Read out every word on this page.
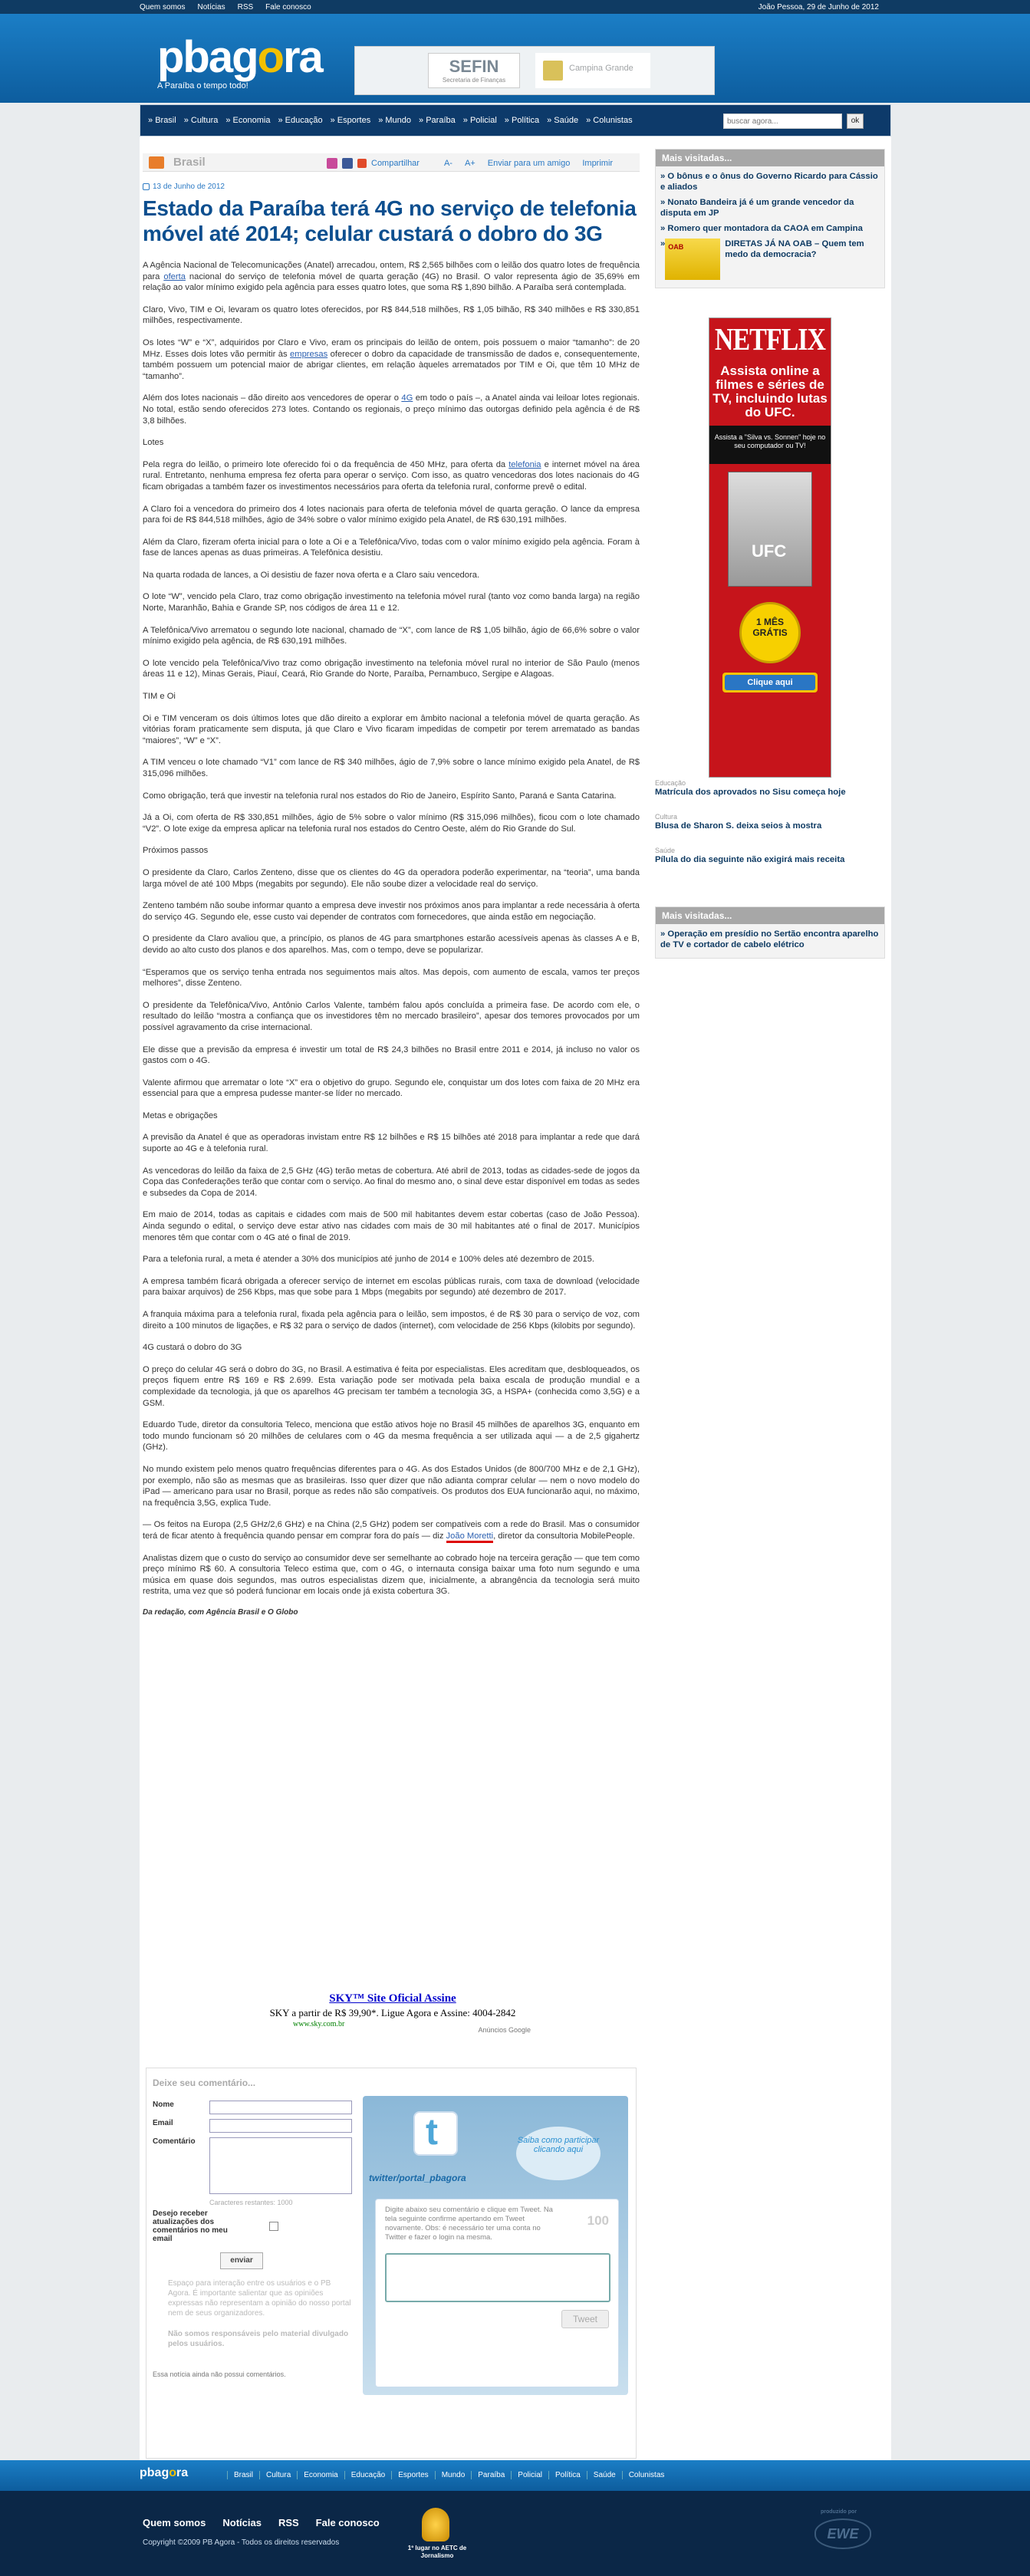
Quem somos Notícias RSS Fale conosco	João Pessoa, 29 de Junho de 2012
pbagora
A Paraíba o tempo todo!
SEFIN
Secretaria de Finanças
Campina Grande
» Brasil	» Cultura	» Economia	» Educação	» Esportes	» Mundo	» Paraíba	» Policial	» Política	» Saúde	» Colunistas
buscar agora...	ok
Brasil	Compartilhar	A- A+ Enviar para um amigo Imprimir
13 de Junho de 2012
Estado da Paraíba terá 4G no serviço de telefonia móvel até 2014; celular custará o dobro do 3G

A Agência Nacional de Telecomunicações (Anatel) arrecadou, ontem, R$ 2,565 bilhões com o leilão dos quatro lotes de frequência para oferta nacional do serviço de telefonia móvel de quarta geração (4G) no Brasil. O valor representa ágio de 35,69% em relação ao valor mínimo exigido pela agência para esses quatro lotes, que soma R$ 1,890 bilhão. A Paraíba será contemplada.

Claro, Vivo, TIM e Oi, levaram os quatro lotes oferecidos, por R$ 844,518 milhões, R$ 1,05 bilhão, R$ 340 milhões e R$ 330,851 milhões, respectivamente.

Os lotes “W” e “X”, adquiridos por Claro e Vivo, eram os principais do leilão de ontem, pois possuem o maior “tamanho”: de 20 MHz. Esses dois lotes vão permitir às empresas oferecer o dobro da capacidade de transmissão de dados e, consequentemente, também possuem um potencial maior de abrigar clientes, em relação àqueles arrematados por TIM e Oi, que têm 10 MHz de “tamanho”.

Além dos lotes nacionais – dão direito aos vencedores de operar o 4G em todo o país –, a Anatel ainda vai leiloar lotes regionais. No total, estão sendo oferecidos 273 lotes. Contando os regionais, o preço mínimo das outorgas definido pela agência é de R$ 3,8 bilhões.

Lotes

Pela regra do leilão, o primeiro lote oferecido foi o da frequência de 450 MHz, para oferta da telefonia e internet móvel na área rural. Entretanto, nenhuma empresa fez oferta para operar o serviço. Com isso, as quatro vencedoras dos lotes nacionais do 4G ficam obrigadas a também fazer os investimentos necessários para oferta da telefonia rural, conforme prevê o edital.

A Claro foi a vencedora do primeiro dos 4 lotes nacionais para oferta de telefonia móvel de quarta geração. O lance da empresa para foi de R$ 844,518 milhões, ágio de 34% sobre o valor mínimo exigido pela Anatel, de R$ 630,191 milhões.

Além da Claro, fizeram oferta inicial para o lote a Oi e a Telefônica/Vivo, todas com o valor mínimo exigido pela agência. Foram à fase de lances apenas as duas primeiras. A Telefônica desistiu.

Na quarta rodada de lances, a Oi desistiu de fazer nova oferta e a Claro saiu vencedora.

O lote “W”, vencido pela Claro, traz como obrigação investimento na telefonia móvel rural (tanto voz como banda larga) na região Norte, Maranhão, Bahia e Grande SP, nos códigos de área 11 e 12.

A Telefônica/Vivo arrematou o segundo lote nacional, chamado de “X”, com lance de R$ 1,05 bilhão, ágio de 66,6% sobre o valor mínimo exigido pela agência, de R$ 630,191 milhões.

O lote vencido pela Telefônica/Vivo traz como obrigação investimento na telefonia móvel rural no interior de São Paulo (menos áreas 11 e 12), Minas Gerais, Piauí, Ceará, Rio Grande do Norte, Paraíba, Pernambuco, Sergipe e Alagoas.

TIM e Oi

Oi e TIM venceram os dois últimos lotes que dão direito a explorar em âmbito nacional a telefonia móvel de quarta geração. As vitórias foram praticamente sem disputa, já que Claro e Vivo ficaram impedidas de competir por terem arrematado as bandas “maiores”, “W” e “X”.

A TIM venceu o lote chamado “V1” com lance de R$ 340 milhões, ágio de 7,9% sobre o lance mínimo exigido pela Anatel, de R$ 315,096 milhões.

Como obrigação, terá que investir na telefonia rural nos estados do Rio de Janeiro, Espírito Santo, Paraná e Santa Catarina.

Já a Oi, com oferta de R$ 330,851 milhões, ágio de 5% sobre o valor mínimo (R$ 315,096 milhões), ficou com o lote chamado “V2”. O lote exige da empresa aplicar na telefonia rural nos estados do Centro Oeste, além do Rio Grande do Sul.

Próximos passos

O presidente da Claro, Carlos Zenteno, disse que os clientes do 4G da operadora poderão experimentar, na “teoria”, uma banda larga móvel de até 100 Mbps (megabits por segundo). Ele não soube dizer a velocidade real do serviço.

Zenteno também não soube informar quanto a empresa deve investir nos próximos anos para implantar a rede necessária à oferta do serviço 4G. Segundo ele, esse custo vai depender de contratos com fornecedores, que ainda estão em negociação.

O presidente da Claro avaliou que, a princípio, os planos de 4G para smartphones estarão acessíveis apenas às classes A e B, devido ao alto custo dos planos e dos aparelhos. Mas, com o tempo, deve se popularizar.

“Esperamos que os serviço tenha entrada nos seguimentos mais altos. Mas depois, com aumento de escala, vamos ter preços melhores”, disse Zenteno.

O presidente da Telefônica/Vivo, Antônio Carlos Valente, também falou após concluída a primeira fase. De acordo com ele, o resultado do leilão “mostra a confiança que os investidores têm no mercado brasileiro”, apesar dos temores provocados por um possível agravamento da crise internacional.

Ele disse que a previsão da empresa é investir um total de R$ 24,3 bilhões no Brasil entre 2011 e 2014, já incluso no valor os gastos com o 4G.

Valente afirmou que arrematar o lote “X” era o objetivo do grupo. Segundo ele, conquistar um dos lotes com faixa de 20 MHz era essencial para que a empresa pudesse manter-se líder no mercado.

Metas e obrigações

A previsão da Anatel é que as operadoras invistam entre R$ 12 bilhões e R$ 15 bilhões até 2018 para implantar a rede que dará suporte ao 4G e à telefonia rural.

As vencedoras do leilão da faixa de 2,5 GHz (4G) terão metas de cobertura. Até abril de 2013, todas as cidades-sede de jogos da Copa das Confederações terão que contar com o serviço. Ao final do mesmo ano, o sinal deve estar disponível em todas as sedes e subsedes da Copa de 2014.

Em maio de 2014, todas as capitais e cidades com mais de 500 mil habitantes devem estar cobertas (caso de João Pessoa). Ainda segundo o edital, o serviço deve estar ativo nas cidades com mais de 30 mil habitantes até o final de 2017. Municípios menores têm que contar com o 4G até o final de 2019.

Para a telefonia rural, a meta é atender a 30% dos municípios até junho de 2014 e 100% deles até dezembro de 2015.

A empresa também ficará obrigada a oferecer serviço de internet em escolas públicas rurais, com taxa de download (velocidade para baixar arquivos) de 256 Kbps, mas que sobe para 1 Mbps (megabits por segundo) até dezembro de 2017.

A franquia máxima para a telefonia rural, fixada pela agência para o leilão, sem impostos, é de R$ 30 para o serviço de voz, com direito a 100 minutos de ligações, e R$ 32 para o serviço de dados (internet), com velocidade de 256 Kbps (kilobits por segundo).

4G custará o dobro do 3G

O preço do celular 4G será o dobro do 3G, no Brasil. A estimativa é feita por especialistas. Eles acreditam que, desbloqueados, os preços fiquem entre R$ 169 e R$ 2.699. Esta variação pode ser motivada pela baixa escala de produção mundial e a complexidade da tecnologia, já que os aparelhos 4G precisam ter também a tecnologia 3G, a HSPA+ (conhecida como 3,5G) e a GSM.

Eduardo Tude, diretor da consultoria Teleco, menciona que estão ativos hoje no Brasil 45 milhões de aparelhos 3G, enquanto em todo mundo funcionam só 20 milhões de celulares com o 4G da mesma frequência a ser utilizada aqui — a de 2,5 gigahertz (GHz).

No mundo existem pelo menos quatro frequências diferentes para o 4G. As dos Estados Unidos (de 800/700 MHz e de 2,1 GHz), por exemplo, não são as mesmas que as brasileiras. Isso quer dizer que não adianta comprar celular — nem o novo modelo do iPad — americano para usar no Brasil, porque as redes não são compatíveis. Os produtos dos EUA funcionarão aqui, no máximo, na frequência 3,5G, explica Tude.

— Os feitos na Europa (2,5 GHz/2,6 GHz) e na China (2,5 GHz) podem ser compatíveis com a rede do Brasil. Mas o consumidor terá de ficar atento à frequência quando pensar em comprar fora do país — diz João Moretti, diretor da consultoria MobilePeople.

Analistas dizem que o custo do serviço ao consumidor deve ser semelhante ao cobrado hoje na terceira geração — que tem como preço mínimo R$ 60. A consultoria Teleco estima que, com o 4G, o internauta consiga baixar uma foto num segundo e uma música em quase dois segundos, mas outros especialistas dizem que, inicialmente, a abrangência da tecnologia será muito restrita, uma vez que só poderá funcionar em locais onde já exista cobertura 3G.

Da redação, com Agência Brasil e O Globo
SKY™ Site Oficial Assine
SKY a partir de R$ 39,90*. Ligue Agora e Assine: 4004-2842
www.sky.com.br
Anúncios Google
Deixe seu comentário...
Nome
Email
Comentário
Caracteres restantes: 1000
Desejo receber atualizações dos comentários no meu email
enviar
Espaço para interação entre os usuários e o PB Agora. É importante salientar que as opiniões expressas não representam a opinião do nosso portal nem de seus organizadores.
Não somos responsáveis pelo material divulgado pelos usuários.
Essa notícia ainda não possui comentários.
t
Saiba como participar clicando aqui
twitter/portal_pbagora

Digite abaixo seu comentário e clique em Tweet. Na tela seguinte confirme apertando em Tweet novamente. Obs: é necessário ter uma conta no Twitter e fazer o login na mesma.

100
Tweet
Mais visitadas...
» O bônus e o ônus do Governo Ricardo para Cássio e aliados
» Nonato Bandeira já é um grande vencedor da disputa em JP
» Romero quer montadora da CAOA em Campina
» OAB	DIRETAS JÁ NA OAB – Quem tem medo da democracia?
NETFLIX
Assista online a filmes e séries de TV, incluindo lutas do UFC.
Assista a "Silva vs. Sonnen" hoje no seu computador ou TV!
UFC
1 MÊS GRÁTIS
Clique aqui
Educação
Matrícula dos aprovados no Sisu começa hoje
Cultura
Blusa de Sharon S. deixa seios à mostra
Saúde
Pílula do dia seguinte não exigirá mais receita
Mais visitadas...
» Operação em presídio no Sertão encontra aparelho de TV e cortador de cabelo elétrico
pbagora	Brasil	Cultura	Economia	Educação	Esportes	Mundo	Paraíba	Policial	Política	Saúde	Colunistas
Quem somos Notícias RSS Fale conosco
Copyright ©2009 PB Agora - Todos os direitos reservados
1º lugar no AETC de Jornalismo
produzido por
EWE
